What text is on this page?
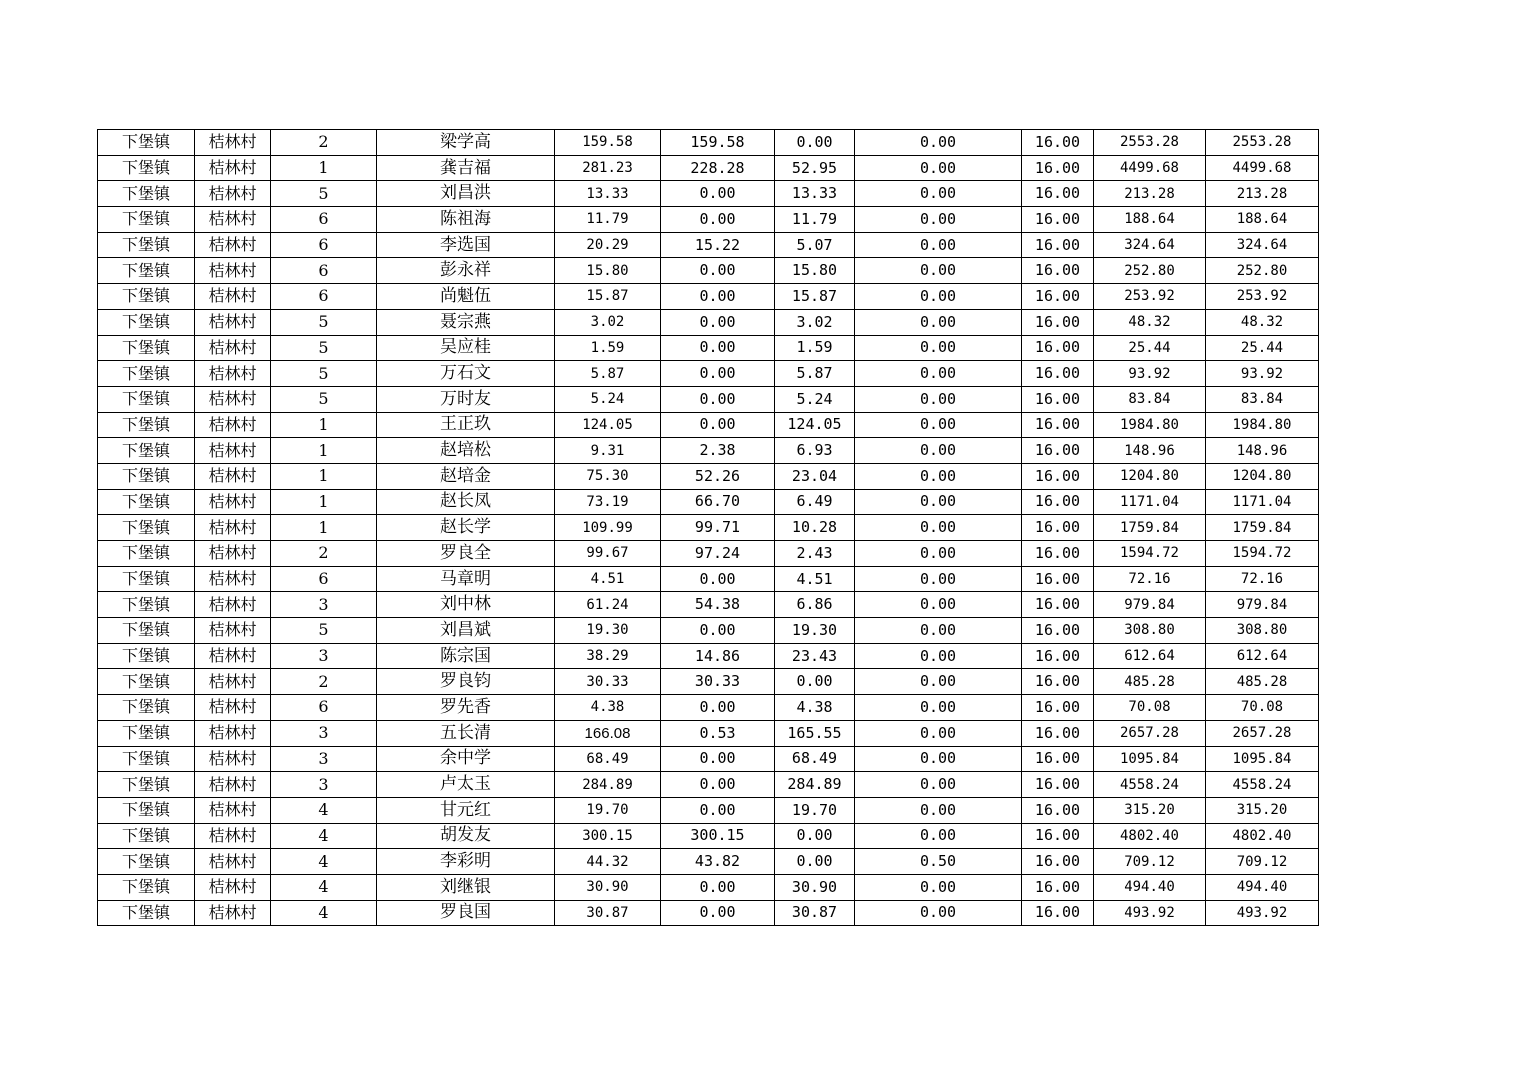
下堡镇	桔林村	2	梁学高	159.58	159.58	0.00	0.00	16.00	2553.28	2553.28
下堡镇	桔林村	1	龚吉福	281.23	228.28	52.95	0.00	16.00	4499.68	4499.68
下堡镇	桔林村	5	刘昌洪	13.33	0.00	13.33	0.00	16.00	213.28	213.28
下堡镇	桔林村	6	陈祖海	11.79	0.00	11.79	0.00	16.00	188.64	188.64
下堡镇	桔林村	6	李选国	20.29	15.22	5.07	0.00	16.00	324.64	324.64
下堡镇	桔林村	6	彭永祥	15.80	0.00	15.80	0.00	16.00	252.80	252.80
下堡镇	桔林村	6	尚魁伍	15.87	0.00	15.87	0.00	16.00	253.92	253.92
下堡镇	桔林村	5	聂宗燕	3.02	0.00	3.02	0.00	16.00	48.32	48.32
下堡镇	桔林村	5	吴应桂	1.59	0.00	1.59	0.00	16.00	25.44	25.44
下堡镇	桔林村	5	万石文	5.87	0.00	5.87	0.00	16.00	93.92	93.92
下堡镇	桔林村	5	万时友	5.24	0.00	5.24	0.00	16.00	83.84	83.84
下堡镇	桔林村	1	王正玖	124.05	0.00	124.05	0.00	16.00	1984.80	1984.80
下堡镇	桔林村	1	赵培松	9.31	2.38	6.93	0.00	16.00	148.96	148.96
下堡镇	桔林村	1	赵培金	75.30	52.26	23.04	0.00	16.00	1204.80	1204.80
下堡镇	桔林村	1	赵长凤	73.19	66.70	6.49	0.00	16.00	1171.04	1171.04
下堡镇	桔林村	1	赵长学	109.99	99.71	10.28	0.00	16.00	1759.84	1759.84
下堡镇	桔林村	2	罗良全	99.67	97.24	2.43	0.00	16.00	1594.72	1594.72
下堡镇	桔林村	6	马章明	4.51	0.00	4.51	0.00	16.00	72.16	72.16
下堡镇	桔林村	3	刘中林	61.24	54.38	6.86	0.00	16.00	979.84	979.84
下堡镇	桔林村	5	刘昌斌	19.30	0.00	19.30	0.00	16.00	308.80	308.80
下堡镇	桔林村	3	陈宗国	38.29	14.86	23.43	0.00	16.00	612.64	612.64
下堡镇	桔林村	2	罗良钧	30.33	30.33	0.00	0.00	16.00	485.28	485.28
下堡镇	桔林村	6	罗先香	4.38	0.00	4.38	0.00	16.00	70.08	70.08
下堡镇	桔林村	3	五长清	166.08	0.53	165.55	0.00	16.00	2657.28	2657.28
下堡镇	桔林村	3	余中学	68.49	0.00	68.49	0.00	16.00	1095.84	1095.84
下堡镇	桔林村	3	卢太玉	284.89	0.00	284.89	0.00	16.00	4558.24	4558.24
下堡镇	桔林村	4	甘元红	19.70	0.00	19.70	0.00	16.00	315.20	315.20
下堡镇	桔林村	4	胡发友	300.15	300.15	0.00	0.00	16.00	4802.40	4802.40
下堡镇	桔林村	4	李彩明	44.32	43.82	0.00	0.50	16.00	709.12	709.12
下堡镇	桔林村	4	刘继银	30.90	0.00	30.90	0.00	16.00	494.40	494.40
下堡镇	桔林村	4	罗良国	30.87	0.00	30.87	0.00	16.00	493.92	493.92
